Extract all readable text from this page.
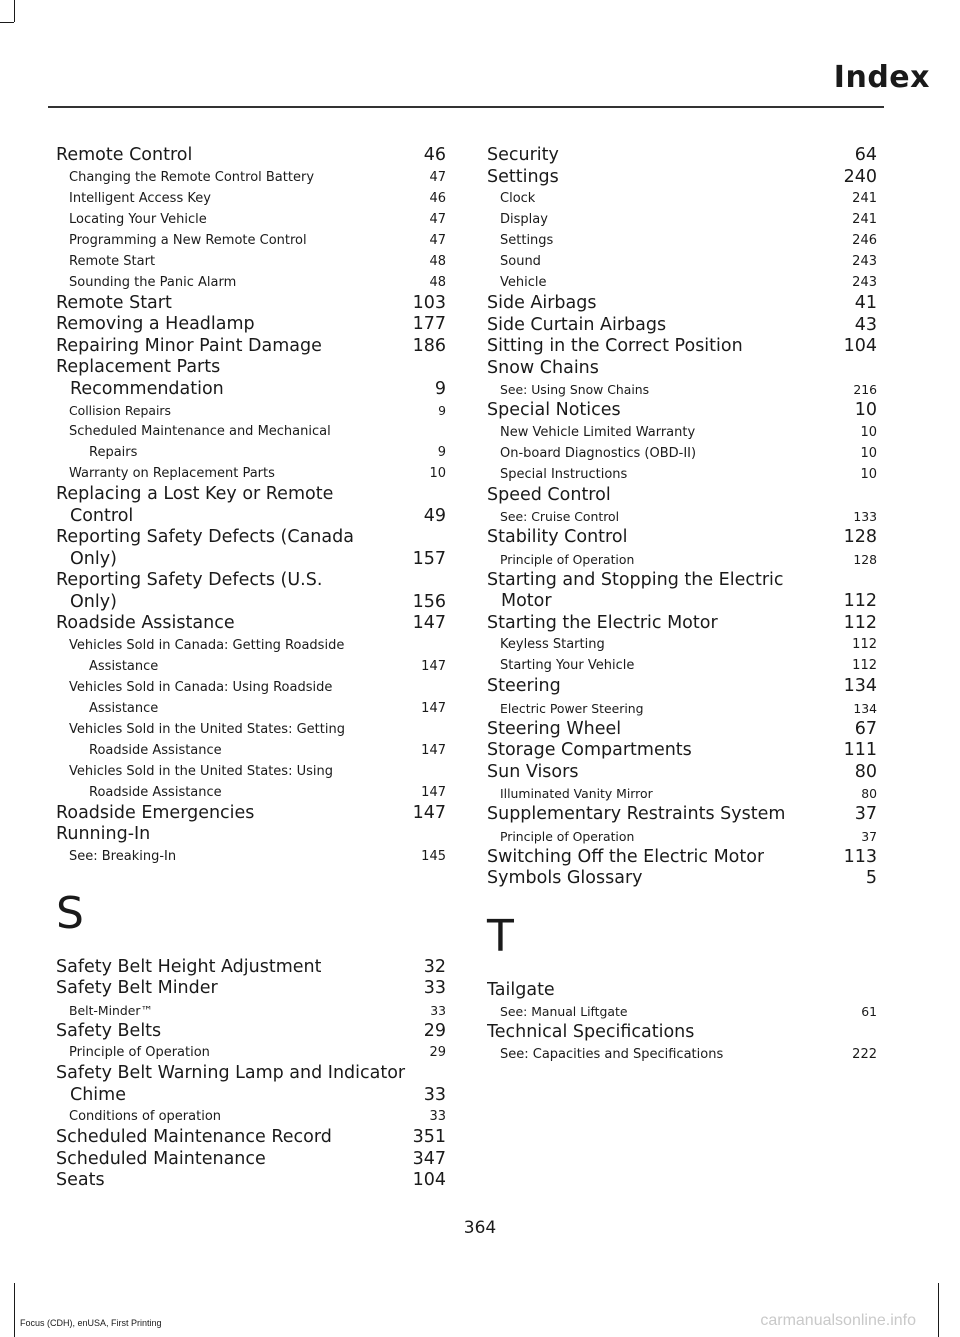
Index
Remote Control	46
Changing the Remote Control Battery	47
Intelligent Access Key	46
Locating Your Vehicle	47
Programming a New Remote Control	47
Remote Start	48
Sounding the Panic Alarm	48
Remote Start	103
Removing a Headlamp	177
Repairing Minor Paint Damage	186
Replacement Parts
Recommendation	9
Collision Repairs	9
Scheduled Maintenance and Mechanical
Repairs	9
Warranty on Replacement Parts	10
Replacing a Lost Key or Remote
Control	49
Reporting Safety Defects (Canada
Only)	157
Reporting Safety Defects (U.S.
Only)	156
Roadside Assistance	147
Vehicles Sold in Canada: Getting Roadside
Assistance	147
Vehicles Sold in Canada: Using Roadside
Assistance	147
Vehicles Sold in the United States: Getting
Roadside Assistance	147
Vehicles Sold in the United States: Using
Roadside Assistance	147
Roadside Emergencies	147
Running-In
See: Breaking-In	145
S
Safety Belt Height Adjustment	32
Safety Belt Minder	33
Belt-Minder™	33
Safety Belts	29
Principle of Operation	29
Safety Belt Warning Lamp and Indicator
Chime	33
Conditions of operation	33
Scheduled Maintenance Record	351
Scheduled Maintenance	347
Seats	104
Security	64
Settings	240
Clock	241
Display	241
Settings	246
Sound	243
Vehicle	243
Side Airbags	41
Side Curtain Airbags	43
Sitting in the Correct Position	104
Snow Chains
See: Using Snow Chains	216
Special Notices	10
New Vehicle Limited Warranty	10
On-board Diagnostics (OBD-II)	10
Special Instructions	10
Speed Control
See: Cruise Control	133
Stability Control	128
Principle of Operation	128
Starting and Stopping the Electric
Motor	112
Starting the Electric Motor	112
Keyless Starting	112
Starting Your Vehicle	112
Steering	134
Electric Power Steering	134
Steering Wheel	67
Storage Compartments	111
Sun Visors	80
Illuminated Vanity Mirror	80
Supplementary Restraints System	37
Principle of Operation	37
Switching Off the Electric Motor	113
Symbols Glossary	5
T
Tailgate
See: Manual Liftgate	61
Technical Specifications
See: Capacities and Specifications	222
364
Focus (CDH), enUSA, First Printing	carmanualsonline.info
